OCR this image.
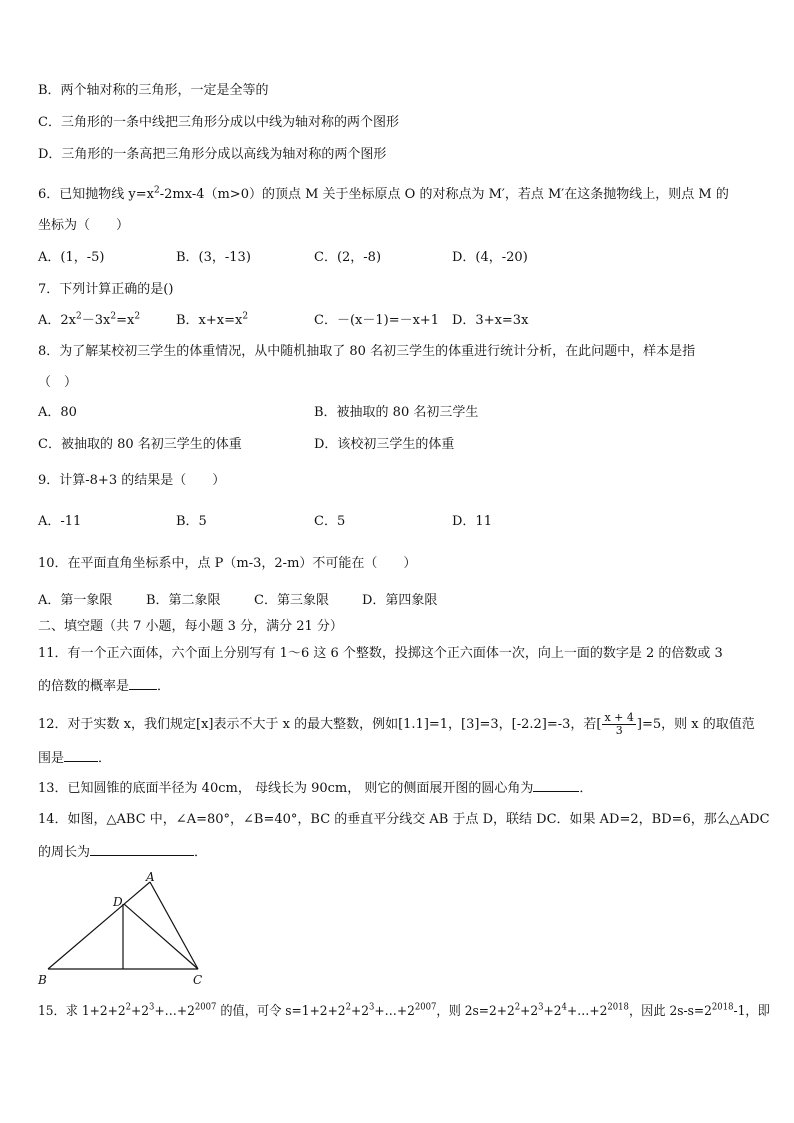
B．两个轴对称的三角形，一定是全等的
C．三角形的一条中线把三角形分成以中线为轴对称的两个图形
D．三角形的一条高把三角形分成以高线为轴对称的两个图形
6．已知抛物线 $y=x^2-2mx-4(m>0)$的顶点 M 关于坐标原点 O 的对称点为 M′，若点 M′在这条抛物线上，则点 M 的
坐标为（　　）
A．(1，-5)	B．(3，-13)	C．(2，-8)	D．(4，-20)
7．下列计算正确的是()
A．$2x^2-3x^2=x^2$	B．$x+x=x^2$	C．－(x－1)=－x+1 D．3+x=3x
8．为了解某校初三学生的体重情况，从中随机抽取了 80 名初三学生的体重进行统计分析，在此问题中，样本是指
（　）
A．80	B．被抽取的 80 名初三学生
C．被抽取的 80 名初三学生的体重	D．该校初三学生的体重
9．计算-8+3 的结果是（　　）
A．-11	B．5	C．5	D．11
10．在平面直角坐标系中，点 P（m-3，2-m）不可能在（　　）
A．第一象限	B．第二象限	C．第三象限	D．第四象限
二、填空题（共 7 小题，每小题 3 分，满分 21 分）
11．有一个正六面体，六个面上分别写有 1～6 这 6 个整数，投掷这个正六面体一次，向上一面的数字是 2 的倍数或 3
的倍数的概率是 ．
12．对于实数 x，我们规定[x]表示不大于 x 的最大整数，例如[1.1]=1，[3]=3，[-2.2]=-3，若[ $\frac{x + 4}{3} ]=5$，则 x 的取值范
围是	．
13．已知圆锥的底面半径为 40cm， 母线长为 90cm， 则它的侧面展开图的圆心角为	．
14．如图，△ABC 中，∠A=80°，∠B=40°，BC 的垂直平分线交 AB 于点 D，联结 DC．如果 AD=2，BD=6，那么△ADC
的周长为	．
A
D
B	C
15．求 $1+2+2^2+2^3+\dots+2^{2007}$ 的值，可令 $s=1+2+2^2+2^3+\dots+2^{2007}$，则 $2s=2+2^2+2^3+2^4+\dots+2^{2018}$，因此 $2s-s=2^{2018}-1$，即
